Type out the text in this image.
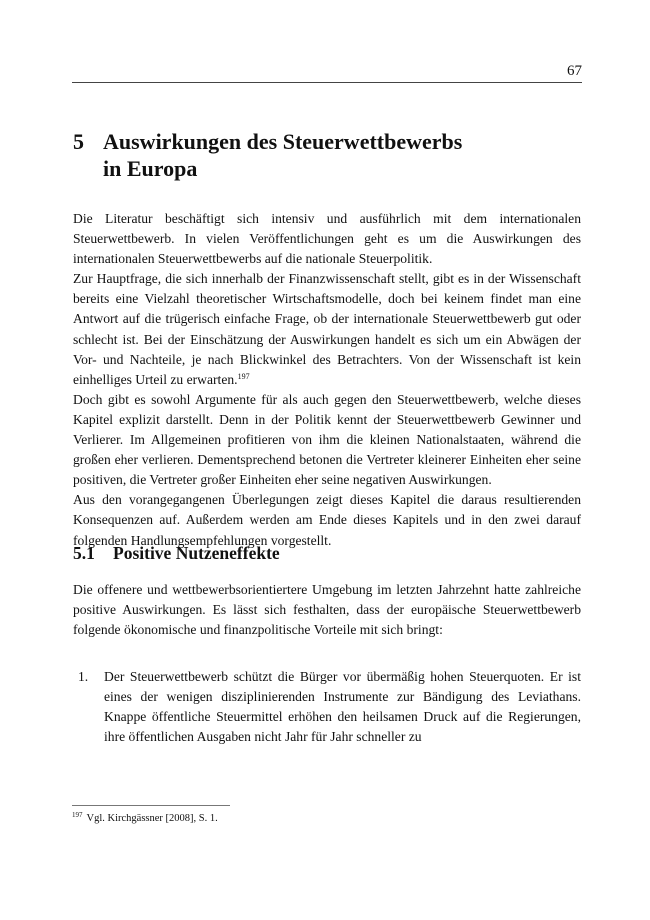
67
5 Auswirkungen des Steuerwettbewerbs
in Europa

Die Literatur beschäftigt sich intensiv und ausführlich mit dem internationalen Steuerwettbewerb. In vielen Veröffentlichungen geht es um die Auswirkungen des internationalen Steuerwettbewerbs auf die nationale Steuerpolitik.

Zur Hauptfrage, die sich innerhalb der Finanzwissenschaft stellt, gibt es in der Wissenschaft bereits eine Vielzahl theoretischer Wirtschaftsmodelle, doch bei keinem findet man eine Antwort auf die trügerisch einfache Frage, ob der internationale Steuerwettbewerb gut oder schlecht ist. Bei der Einschätzung der Auswirkungen handelt es sich um ein Abwägen der Vor- und Nachteile, je nach Blickwinkel des Betrachters. Von der Wissenschaft ist kein einhelliges Urteil zu erwarten.$^{197}$

Doch gibt es sowohl Argumente für als auch gegen den Steuerwettbewerb, welche dieses Kapitel explizit darstellt. Denn in der Politik kennt der Steuerwettbewerb Gewinner und Verlierer. Im Allgemeinen profitieren von ihm die kleinen Nationalstaaten, während die großen eher verlieren. Dementsprechend betonen die Vertreter kleinerer Einheiten eher seine positiven, die Vertreter großer Einheiten eher seine negativen Auswirkungen.

Aus den vorangegangenen Überlegungen zeigt dieses Kapitel die daraus resultierenden Konsequenzen auf. Außerdem werden am Ende dieses Kapitels und in den zwei darauf folgenden Handlungsempfehlungen vorgestellt.

5.1 Positive Nutzeneffekte

Die offenere und wettbewerbsorientiertere Umgebung im letzten Jahrzehnt hatte zahlreiche positive Auswirkungen. Es lässt sich festhalten, dass der europäische Steuerwettbewerb folgende ökonomische und finanzpolitische Vorteile mit sich bringt:

1. Der Steuerwettbewerb schützt die Bürger vor übermäßig hohen Steuerquoten. Er ist eines der wenigen disziplinierenden Instrumente zur Bändigung des Leviathans. Knappe öffentliche Steuermittel erhöhen den heilsamen Druck auf die Regierungen, ihre öffentlichen Ausgaben nicht Jahr für Jahr schneller zu
$^{197}$ Vgl. Kirchgässner [2008], S. 1.
